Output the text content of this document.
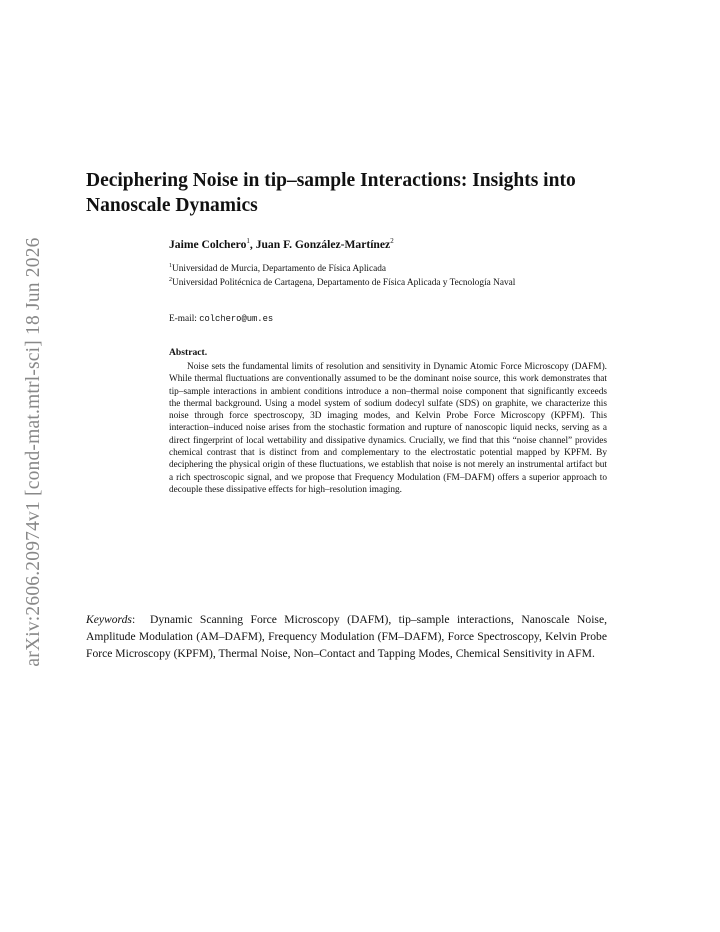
arXiv:2606.20974v1 [cond-mat.mtrl-sci] 18 Jun 2026
Deciphering Noise in tip–sample Interactions: Insights into Nanoscale Dynamics
Jaime Colchero$^1$, Juan F. González-Martínez$^2$
$^1$Universidad de Murcia, Departamento de Física Aplicada
$^2$Universidad Politécnica de Cartagena, Departamento de Física Aplicada y Tecnología Naval
E-mail: colchero@um.es
Abstract.

Noise sets the fundamental limits of resolution and sensitivity in Dynamic Atomic Force Microscopy (DAFM). While thermal fluctuations are conventionally assumed to be the dominant noise source, this work demonstrates that tip–sample interactions in ambient conditions introduce a non–thermal noise component that significantly exceeds the thermal background. Using a model system of sodium dodecyl sulfate (SDS) on graphite, we characterize this noise through force spectroscopy, 3D imaging modes, and Kelvin Probe Force Microscopy (KPFM). This interaction–induced noise arises from the stochastic formation and rupture of nanoscopic liquid necks, serving as a direct fingerprint of local wettability and dissipative dynamics. Crucially, we find that this “noise channel” provides chemical contrast that is distinct from and complementary to the electrostatic potential mapped by KPFM. By deciphering the physical origin of these fluctuations, we establish that noise is not merely an instrumental artifact but a rich spectroscopic signal, and we propose that Frequency Modulation (FM–DAFM) offers a superior approach to decouple these dissipative effects for high–resolution imaging.

Keywords:  Dynamic Scanning Force Microscopy (DAFM), tip–sample interactions, Nanoscale Noise, Amplitude Modulation (AM–DAFM), Frequency Modulation (FM–DAFM), Force Spectroscopy, Kelvin Probe Force Microscopy (KPFM), Thermal Noise, Non–Contact and Tapping Modes, Chemical Sensitivity in AFM.
